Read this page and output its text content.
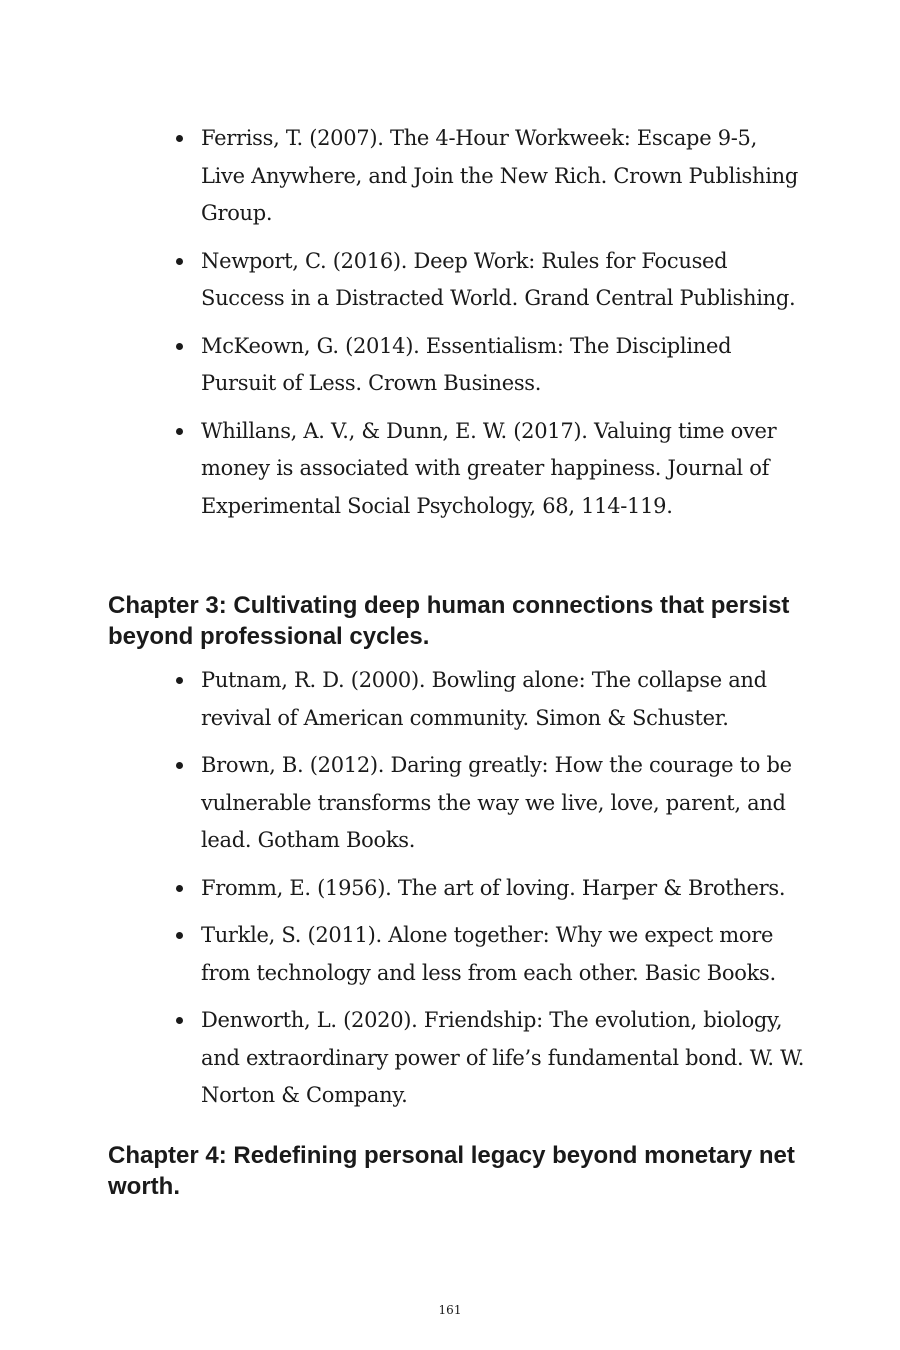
Ferriss, T. (2007). The 4-Hour Workweek: Escape 9-5, Live Anywhere, and Join the New Rich. Crown Publishing Group.
Newport, C. (2016). Deep Work: Rules for Focused Success in a Distracted World. Grand Central Publishing.
McKeown, G. (2014). Essentialism: The Disciplined Pursuit of Less. Crown Business.
Whillans, A. V., & Dunn, E. W. (2017). Valuing time over money is associated with greater happiness. Journal of Experimental Social Psychology, 68, 114-119.
Chapter 3: Cultivating deep human connections that persist beyond professional cycles.
Putnam, R. D. (2000). Bowling alone: The collapse and revival of American community. Simon & Schuster.
Brown, B. (2012). Daring greatly: How the courage to be vulnerable transforms the way we live, love, parent, and lead. Gotham Books.
Fromm, E. (1956). The art of loving. Harper & Brothers.
Turkle, S. (2011). Alone together: Why we expect more from technology and less from each other. Basic Books.
Denworth, L. (2020). Friendship: The evolution, biology, and extraordinary power of life’s fundamental bond. W. W. Norton & Company.
Chapter 4: Redefining personal legacy beyond monetary net worth.
161
